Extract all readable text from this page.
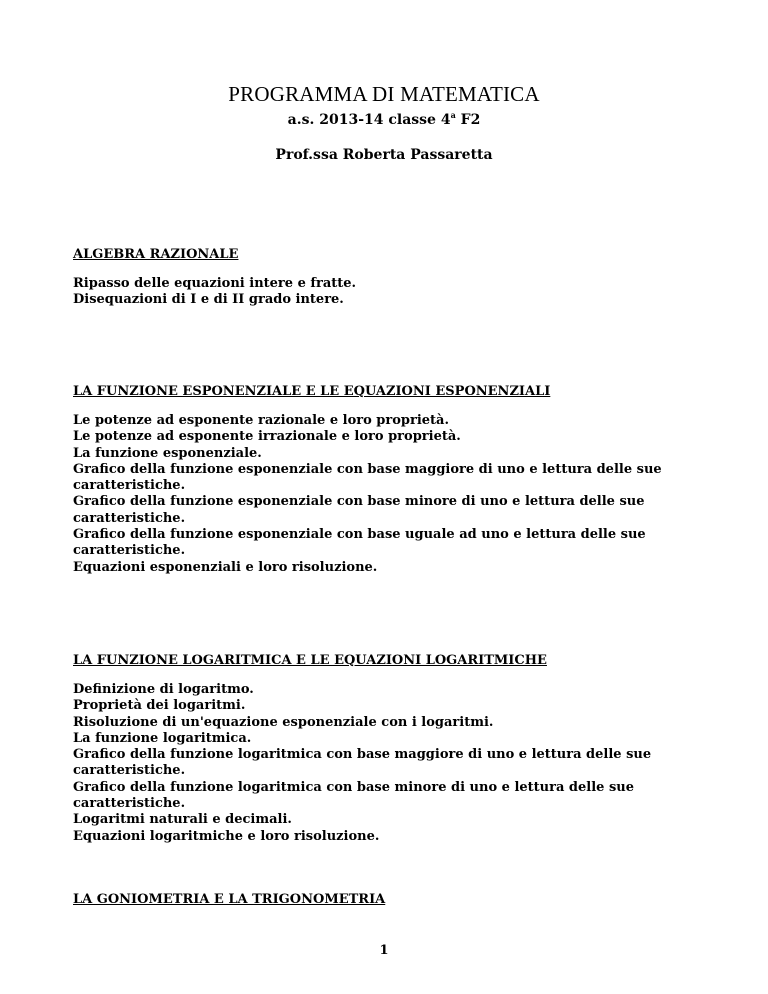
PROGRAMMA DI MATEMATICA
a.s. 2013-14 classe 4$^a$ F2
Prof.ssa Roberta Passaretta
ALGEBRA RAZIONALE
Ripasso delle equazioni intere e fratte.
Disequazioni di I e di II grado intere.
LA FUNZIONE ESPONENZIALE E LE EQUAZIONI ESPONENZIALI
Le potenze ad esponente razionale e loro proprietà.
Le potenze ad esponente irrazionale e loro proprietà.
La funzione esponenziale.
Grafico della funzione esponenziale con base maggiore di uno e lettura delle sue caratteristiche.
Grafico della funzione esponenziale con base minore di uno e lettura delle sue caratteristiche.
Grafico della funzione esponenziale con base uguale ad uno e lettura delle sue caratteristiche.
Equazioni esponenziali e loro risoluzione.
LA FUNZIONE LOGARITMICA E LE EQUAZIONI LOGARITMICHE
Definizione di logaritmo.
Proprietà dei logaritmi.
Risoluzione di un'equazione esponenziale con i logaritmi.
La funzione logaritmica.
Grafico della funzione logaritmica con base maggiore di uno e lettura delle sue caratteristiche.
Grafico della funzione logaritmica con base minore di uno e lettura delle sue caratteristiche.
Logaritmi naturali e decimali.
Equazioni logaritmiche e loro risoluzione.
LA GONIOMETRIA E LA TRIGONOMETRIA
1
